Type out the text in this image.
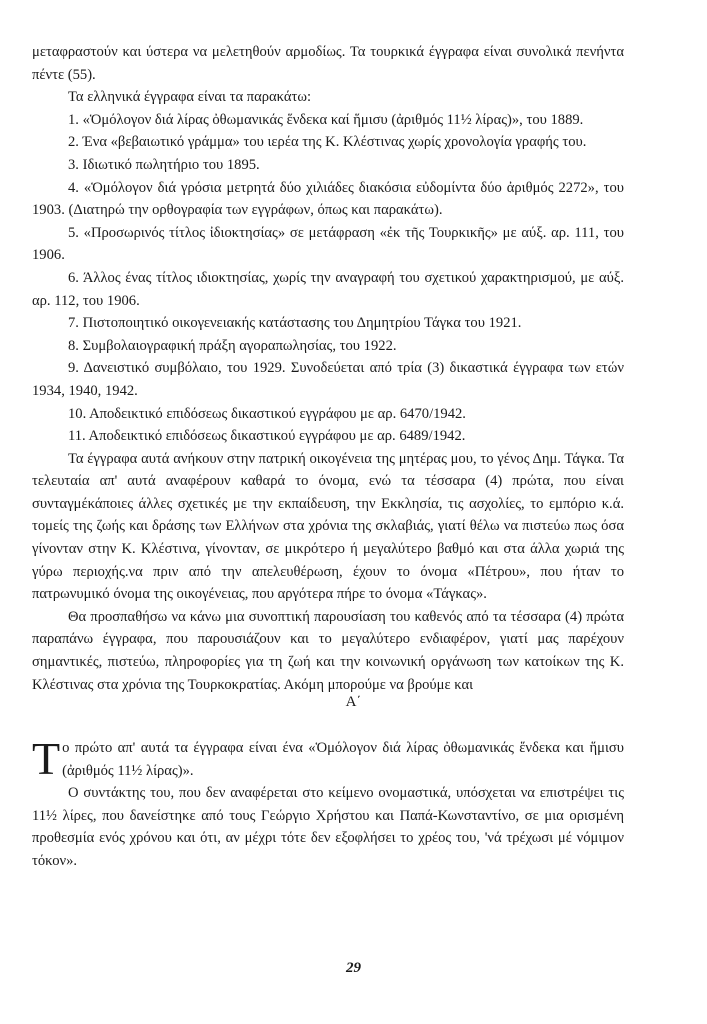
μεταφραστούν και ύστερα να μελετηθούν αρμοδίως. Τα τουρκικά έγγραφα είναι συνολικά πενήντα πέντε (55).

Τα ελληνικά έγγραφα είναι τα παρακάτω:

1. «Ὁμόλογον διά λίρας ὀθωμανικάς ἕνδεκα καί ἥμισυ (ἀριθμός 11½ λίρας)», του 1889.

2. Ένα «βεβαιωτικό γράμμα» του ιερέα της Κ. Κλέστινας χωρίς χρονολογία γραφής του.

3. Ιδιωτικό πωλητήριο του 1895.

4. «Ὁμόλογον διά γρόσια μετρητά δύο χιλιάδες διακόσια εὐδομίντα δύο ἀριθμός 2272», του 1903. (Διατηρώ την ορθογραφία των εγγράφων, όπως και παρακάτω).

5. «Προσωρινός τίτλος ἰδιοκτησίας» σε μετάφραση «ἐκ τῆς Τουρκικῆς» με αύξ. αρ. 111, του 1906.

6. Άλλος ένας τίτλος ιδιοκτησίας, χωρίς την αναγραφή του σχετικού χαρακτηρισμού, με αύξ. αρ. 112, του 1906.

7. Πιστοποιητικό οικογενειακής κατάστασης του Δημητρίου Τάγκα του 1921.

8. Συμβολαιογραφική πράξη αγοραπωλησίας, του 1922.

9. Δανειστικό συμβόλαιο, του 1929. Συνοδεύεται από τρία (3) δικαστικά έγγραφα των ετών 1934, 1940, 1942.

10. Αποδεικτικό επιδόσεως δικαστικού εγγράφου με αρ. 6470/1942.

11. Αποδεικτικό επιδόσεως δικαστικού εγγράφου με αρ. 6489/1942.

Τα έγγραφα αυτά ανήκουν στην πατρική οικογένεια της μητέρας μου, το γένος Δημ. Τάγκα. Τα τελευταία απ' αυτά αναφέρουν καθαρά το όνομα, ενώ τα τέσσαρα (4) πρώτα, που είναι συνταγμέκάποιες άλλες σχετικές με την εκπαίδευση, την Εκκλησία, τις ασχολίες, το εμπόριο κ.ά. τομείς της ζωής και δράσης των Ελλήνων στα χρόνια της σκλαβιάς, γιατί θέλω να πιστεύω πως όσα γίνονταν στην Κ. Κλέστινα, γίνονταν, σε μικρότερο ή μεγαλύτερο βαθμό και στα άλλα χωριά της γύρω περιοχής.να πριν από την απελευθέρωση, έχουν το όνομα «Πέτρου», που ήταν το πατρωνυμικό όνομα της οικογένειας, που αργότερα πήρε το όνομα «Τάγκας».

Θα προσπαθήσω να κάνω μια συνοπτική παρουσίαση του καθενός από τα τέσσαρα (4) πρώτα παραπάνω έγγραφα, που παρουσιάζουν και το μεγαλύτερο ενδιαφέρον, γιατί μας παρέχουν σημαντικές, πιστεύω, πληροφορίες για τη ζωή και την κοινωνική οργάνωση των κατοίκων της Κ. Κλέστινας στα χρόνια της Τουρκοκρατίας. Ακόμη μπορούμε να βρούμε και

Α΄

Το πρώτο απ' αυτά τα έγγραφα είναι ένα «Ὁμόλογον διά λίρας ὀθωμανικάς ἕνδεκα και ἥμισυ (ἀριθμός 11½ λίρας)».

Ο συντάκτης του, που δεν αναφέρεται στο κείμενο ονομαστικά, υπόσχεται να επιστρέψει τις 11½ λίρες, που δανείστηκε από τους Γεώργιο Χρήστου και Παπά-Κωνσταντίνο, σε μια ορισμένη προθεσμία ενός χρόνου και ότι, αν μέχρι τότε δεν εξοφλήσει το χρέος του, 'νά τρέχωσι μέ νόμιμον τόκον».

29
